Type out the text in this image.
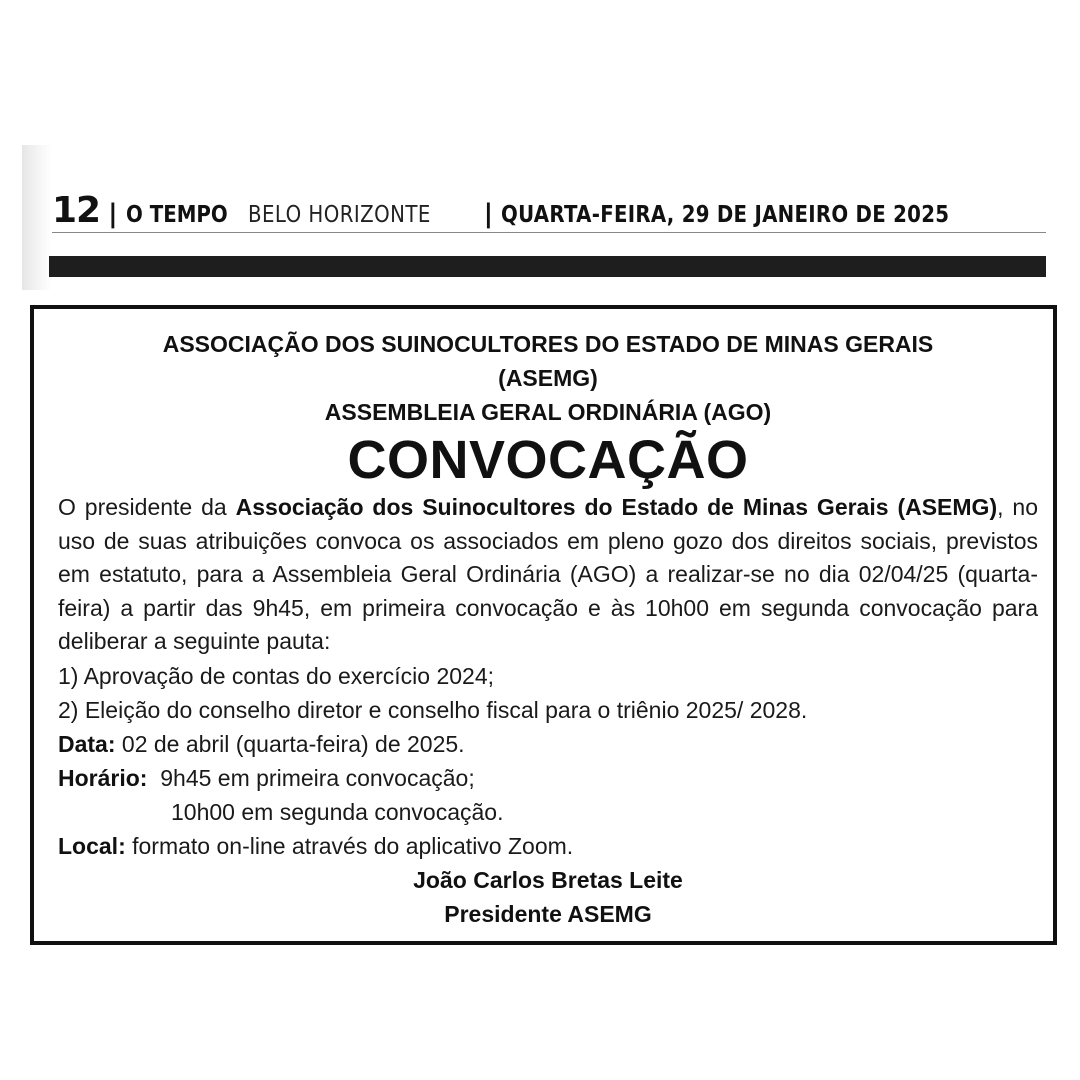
12 | O TEMPO BELO HORIZONTE	| QUARTA-FEIRA, 29 DE JANEIRO DE 2025
ASSOCIAÇÃO DOS SUINOCULTORES DO ESTADO DE MINAS GERAIS
(ASEMG)
ASSEMBLEIA GERAL ORDINÁRIA (AGO)
CONVOCAÇÃO
O presidente da Associação dos Suinocultores do Estado de Minas Gerais (ASEMG), no uso de suas atribuições convoca os associados em pleno gozo dos direitos sociais, previstos em estatuto, para a Assembleia Geral Ordinária (AGO) a realizar-se no dia 02/04/25 (quarta-feira) a partir das 9h45, em primeira convocação e às 10h00 em segunda convocação para deliberar a seguinte pauta:
1) Aprovação de contas do exercício 2024;
2) Eleição do conselho diretor e conselho fiscal para o triênio 2025/ 2028.
Data: 02 de abril (quarta-feira) de 2025.
Horário:  9h45 em primeira convocação;
10h00 em segunda convocação.
Local: formato on-line através do aplicativo Zoom.
João Carlos Bretas Leite
Presidente ASEMG
